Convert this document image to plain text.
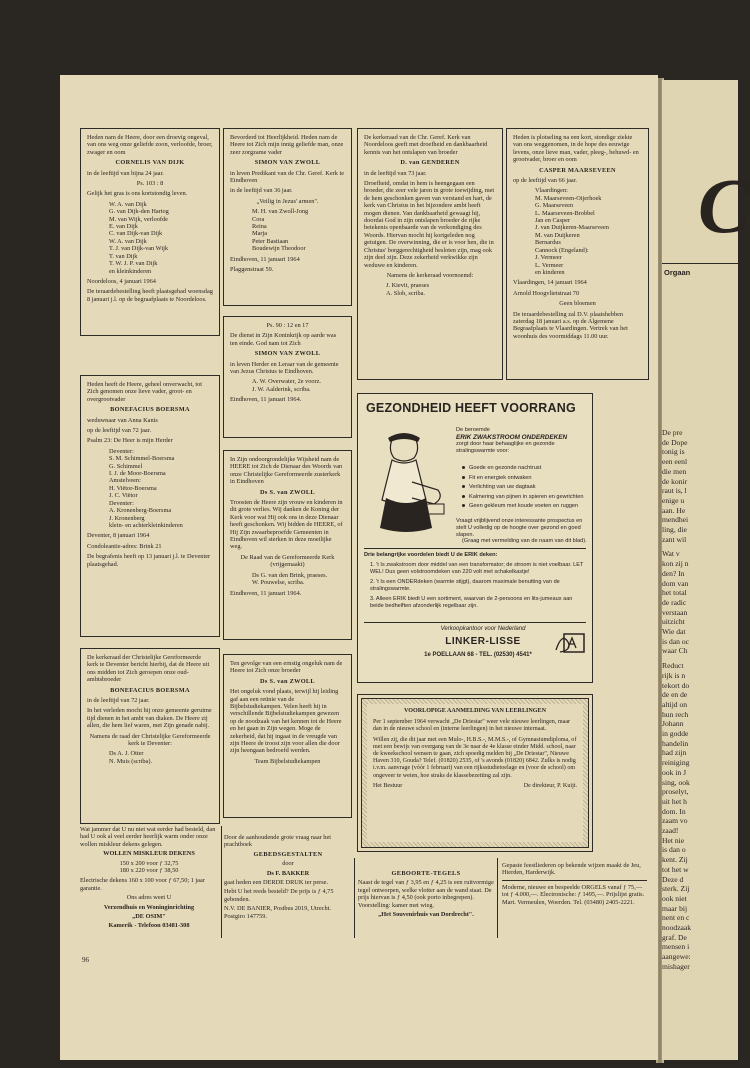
Heden nam de Heere, door een droevig ongeval, van ons weg onze geliefde zoon, verloofde, broer, zwager en oom

CORNELIS VAN DIJK

in de leeftijd van bijna 24 jaar.

Ps. 103 : 8

Gelijk het gras is ons kortstondig leven.

W. A. van Dijk
G. van Dijk-den Hartog
M. van Wijk, verloofde
E. van Dijk
C. van Dijk-van Dijk
W. A. van Dijk
T. J. van Dijk-van Wijk
T. van Dijk
T. W. J. P. van Dijk
en kleinkinderen

Noordeloos, 4 januari 1964

De teraardebestelling heeft plaatsgehad woensdag 8 januari j.l. op de begraafplaats te Noordeloos.

Bevorderd tot Heerlijkheid. Heden nam de Heere tot Zich mijn innig geliefde man, onze zeer zorgzame vader

SIMON VAN ZWOLL

in leven Predikant van de Chr. Geref. Kerk te Eindhoven

in de leeftijd van 36 jaar.

„Veilig in Jezus' armen".

M. H. van Zwoll-Jong
Cora
Reina
Marja
Peter Bastiaan
Boudewijn Theodoor

Eindhoven, 11 januari 1964

Plaggenstraat 59.

Ps. 90 : 12 en 17

De dienst in Zijn Koninkrijk op aarde was ten einde. God nam tot Zich

SIMON VAN ZWOLL

in leven Herder en Leraar van de gemeente van Jezus Christus te Eindhoven.

A. W. Overwater, 2e voorz.
J. W. Aalderink, scriba.

Eindhoven, 11 januari 1964.

De kerkeraad van de Chr. Geref. Kerk van Noordeloos geeft met droefheid en dankbaarheid kennis van het ontslapen van broeder

D. van GENDEREN

in de leeftijd van 73 jaar.

Droefheid, omdat in hem is heengegaan een broeder, die zeer vele jaren in grote toewijding, met de hem geschonken gaven van verstand en hart, de kerk van Christus in het bijzondere ambt heeft mogen dienen. Van dankbaarheid gewaagt hij, doordat God in zijn ontslapen broeder de rijke betekenis openbaarde van de verkondiging des Woords. Hiervan mocht hij kortgeleden nog getuigen. De overwinning, die er is voor hen, die in Christus' borggerechtigheid besloten zijn, mag ook zijn deel zijn. Deze zekerheid verkwikke zijn weduwe en kinderen.

Namens de kerkeraad voornoemd:

J. Kievit, praeses
A. Slob, scriba.

Heden is plotseling na een kort, stondige ziekte van ons weggenomen, in de hope des eeuwige levens, onze lieve man, vader, pleeg-, behuwd- en grootvader, broer en oom

CASPER MAARSEVEEN

op de leeftijd van 66 jaar.

Vlaardingen:
M. Maarseveen-Oijerhoek
G. Maarseveen
L. Maarseveen-Brobbel
Jan en Casper
J. van Duijkeren-Maarseveen
M. van Duijkeren
Bernardus
Cannock (Engeland):
J. Vermeer
L. Vermeer
en kinderen

Vlaardingen, 14 januari 1964

Arnold Hoogvlietstraat 70

Geen bloemen

De teraardebestelling zal D.V. plaatshebben zaterdag 18 januari a.s. op de Algemene Begraafplaats te Vlaardingen. Vertrek van het woonhuis des voormiddags 11.00 uur.

Heden heeft de Heere, geheel onverwacht, tot Zich genomen onze lieve vader, groot- en overgrootvader

BONEFACIUS BOERSMA

weduwnaar van Anna Kanis

op de leeftijd van 72 jaar.

Psalm 23: De Heer is mijn Herder

Deventer:
S. M. Schimmel-Boersma
G. Schimmel
I. J. de Moor-Boersma
Amstelveen:
H. Viëtor-Boersma
J. C. Viëtor
Deventer:
A. Kronenberg-Boersma
J. Kronenberg
klein- en achterkleinkinderen

Deventer, 8 januari 1964

Condoleantie-adres: Brink 21

De begrafenis heeft op 13 januari j.l. te Deventer plaatsgehad.

In Zijn ondoorgrondelijke Wijsheid nam de HEERE tot Zich de Dienaar des Woords van onze Christelijke Gereformeerde zusterkerk in Eindhoven

Ds S. van ZWOLL

Troosten de Heere zijn vrouw en kinderen in dit grote verlies. Wij danken de Koning der Kerk voor wat Hij ook ons in deze Dienaar heeft geschonken. Wij bidden de HEERE, of Hij Zijn zwaarbeproefde Gemeenten in Eindhoven wil sterken in deze moeilijke weg.

De Raad van de Gereformeerde Kerk (vrijgemaakt)

Ds G. van den Brink, praeses.
W. Pouwelse, scriba.

Eindhoven, 11 januari 1964.

De kerkeraad der Christelijke Gereformeerde kerk te Deventer bericht hierbij, dat de Heere uit ons midden tot Zich geroepen onze oud-ambtsbroeder

BONEFACIUS BOERSMA

in de leeftijd van 72 jaar.

In het verleden mocht hij onze gemeente geruime tijd dienen in het ambt van diaken. De Heere zij allen, die hem lief waren, met Zijn genade nabij.

Namens de raad der Christelijke Gereformeerde kerk te Deventer:

Ds A. J. Otter
N. Muis (scriba).

Ten gevolge van een ernstig ongeluk nam de Heere tot Zich onze broeder

Ds S. van ZWOLL

Het ongeluk vond plaats, terwijl hij leiding gaf aan een reünie van de Bijbelstudiekampen. Velen heeft hij in verschillende Bijbelstudiekampen gewezen op de noodzaak van het kennen tot de Heere en het gaan in Zijn wegen. Moge de zekerheid, dat hij ingaat in de vreugde van zijn Heere de troost zijn voor allen die door zijn heengaan bedroefd werden.

Team Bijbelstudiekampen

GEZONDHEID HEEFT VOORRANG
De beroemde
ERIK ZWAKSTROOM ONDERDEKEN
zorgt door haar behaaglijke en gezonde stralingswarmte voor:
Goede en gezonde nachtrust
Fit en energiek ontwaken
Verlichting van uw dagtaak
Kalmering van pijnen in spieren en gewrichten
Geen gekleum met koude voeten en ruggen
Vraagt vrijblijvend onze interessante prospectus en stelt U volledig op de hoogte over gezond en goed slapen.
(Graag met vermelding van de naam van dit blad).
Drie belangrijke voordelen biedt U de ERIK deken:

1. 't Is zwakstroom door middel van een transformator; de stroom is niet voelbaar. LET WEL! Dus geen volstroomdeken van 220 volt met schakelkastje!

2. 't Is een ONDERdeken (warmte stijgt), daarom maximale benutting van de stralingswarmte.

3. Alleen ERIK biedt U een sortiment, waarvan de 2-persoons en lits-jumeaux aan beide bedhelften afzonderlijk regelbaar zijn.

Verkoopkantoor voor Nederland
LINKER-LISSE
1e POELLAAN 68 - TEL. (02530) 4541*
VOORLOPIGE AANMELDING VAN LEERLINGEN

Per 1 september 1964 verwacht „De Driestar" weer vele nieuwe leerlingen, maar dan in de nieuwe school en (interne leerlingen) in het nieuwe internaat.

Willen zij, die dit jaar met een Mulo-, H.B.S.-, M.M.S.-, of Gymnasiumdiploma, of met een bewijs van overgang van de 3e naar de 4e klasse einder Midd. school, naar de kweekschool wensen te gaan, zich spoedig melden bij „De Driestar", Nieuwe Haven 310, Gouda? Telef. (01820) 2535, of 's avonds (01820) 6842. Zulks is nodig i.v.m. aanvrage (vóór 1 februari) van een rijksstudietoelage en (voor de school) om ongeveer te weten, hoe straks de klassebezetting zal zijn.

Het Bestuur	De direkteur, P. Kuijt.

Wat jammer dat U nu niet wat eerder had besteld, dan had U ook al veel eerder heerlijk warm onder onze wollen miskleur dekens gelegen.

WOLLEN MISKLEUR DEKENS

150 x 200 voor ƒ 32,75
180 x 220 voor ƒ 38,50

Electrische dekens 160 x 100 voor ƒ 67,50; 1 jaar garantie.

Ons adres weet U

Verzendhuis en Woninginrichting

„DE OSIM"

Kamerik - Telefoon 03481-308

Door de aanhoudende grote vraag naar het prachtboek

GEBEDSGESTALTEN

door

Ds F. BAKKER

gaat heden een DERDE DRUK ter perse.

Hebt U het reeds besteld? De prijs is ƒ 4,75 gebonden.

N.V. DE BANIER, Postbus 2019, Utrecht. Postgiro 147759.

GEBOORTE-TEGELS

Naast de tegel van ƒ 3,95 en ƒ 4,25 is een ruitvormige tegel ontworpen, welke vlotter aan de wand staat. De prijs hiervan is ƒ 4,50 (ook porto inbegrepen). Voorstelling: kamer met wieg.

„Het Souvenirhuis van Dordrecht".

Gepaste feestliederen op bekende wijzen maakt de Jeu, Hierden, Harderwijk.

Moderne, nieuwe en bespeelde ORGELS vanaf ƒ 75,— tot ƒ 4.000,—. Electronische: ƒ 1495,—. Prijslijst gratis. Mart. Vermeulen, Woerden. Tel. (03480) 2405-2221.

96
C
Orgaan
De pre
de Dope
tonig is
een eenl
die men
de konir
raut is, l
enige u
aan. He
mendhei
ling, die
zant wil
Wat v
kon zij n
den? In
dom van
het total
de radic
verstaan
uitzicht
Wie dat
is dan oc
waar Ch
Reduct
rijk is n
tekort do
de en de
altijd on
hun rech
Johann
in godde
handelin
had zijn
reiniging
ook in J
sing, ook
proselyt,
uit het h
dom. In
zaam vo
zaad!
Het nie
is dan o
kent. Zij
tot het w
Deze d
sterk. Zij
ook niet
maar bij
nent en c
noodzaak
graf. De
mensen i
aangewe:
mishager
